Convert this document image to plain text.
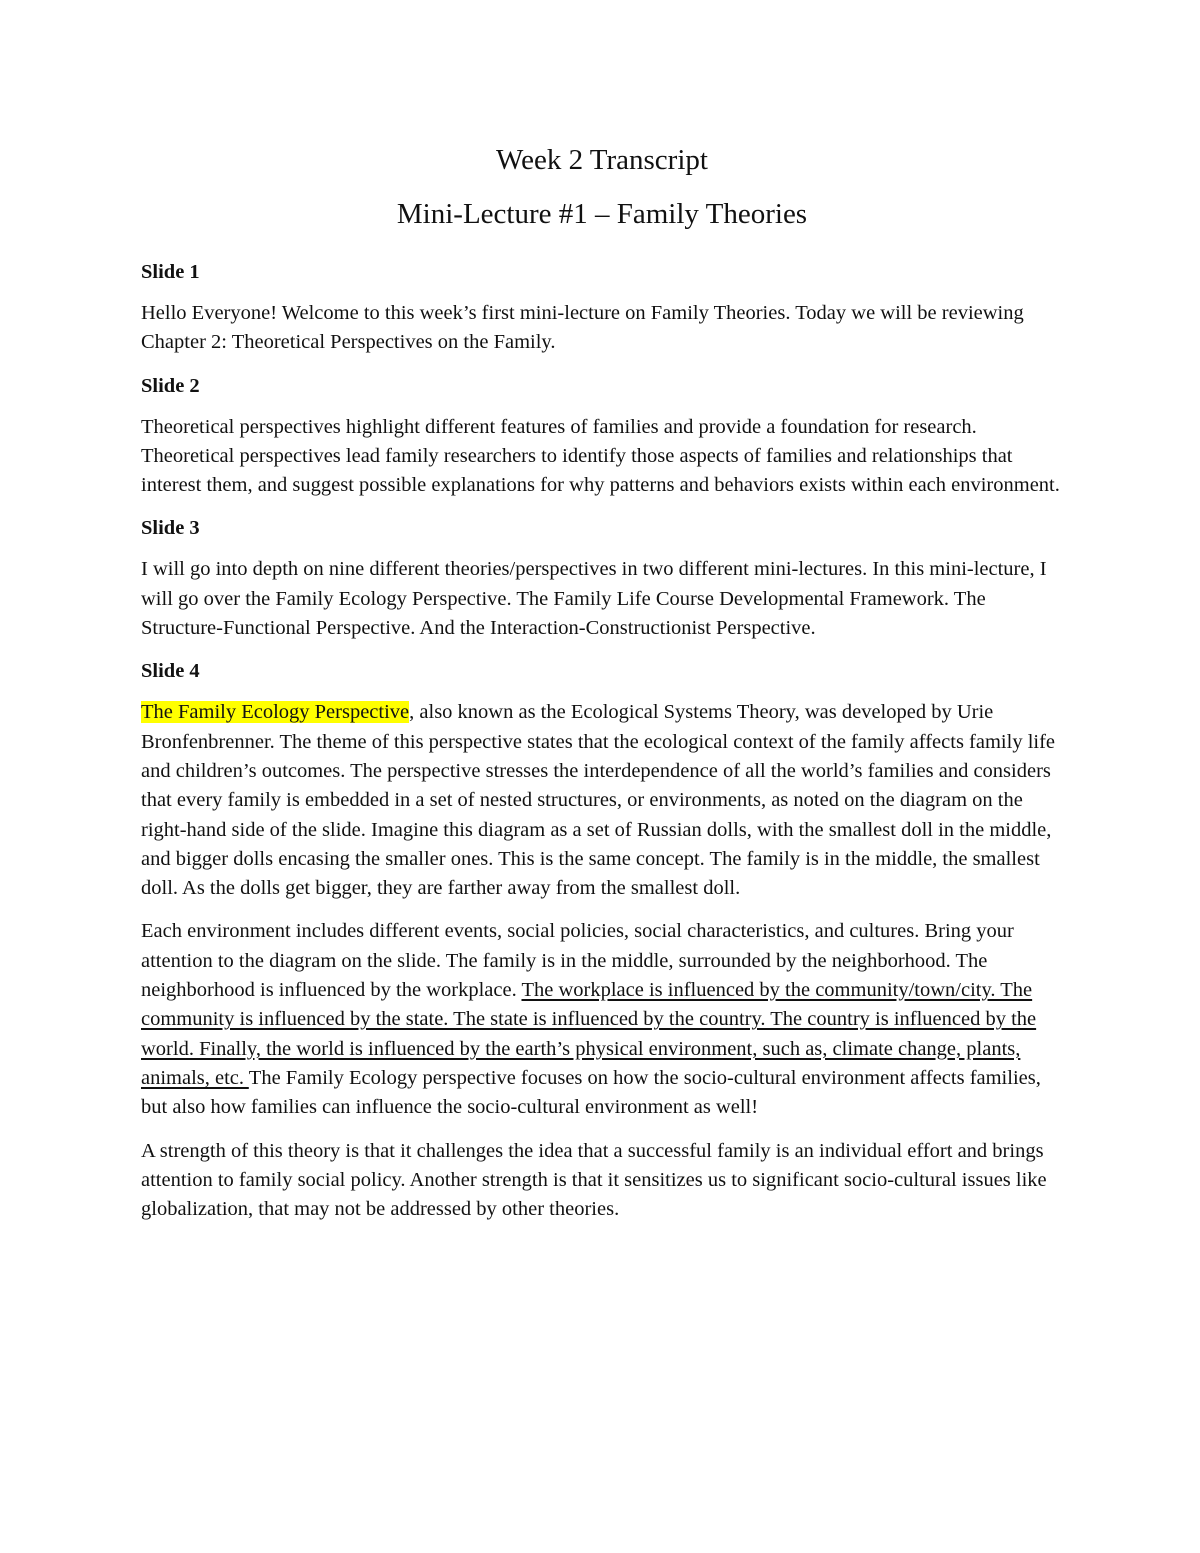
Week 2 Transcript
Mini-Lecture #1 – Family Theories
Slide 1

Hello Everyone! Welcome to this week’s first mini-lecture on Family Theories. Today we will be reviewing Chapter 2: Theoretical Perspectives on the Family.

Slide 2

Theoretical perspectives highlight different features of families and provide a foundation for research. Theoretical perspectives lead family researchers to identify those aspects of families and relationships that interest them, and suggest possible explanations for why patterns and behaviors exists within each environment.

Slide 3

I will go into depth on nine different theories/perspectives in two different mini-lectures. In this mini-lecture, I will go over the Family Ecology Perspective. The Family Life Course Developmental Framework. The Structure-Functional Perspective. And the Interaction-Constructionist Perspective.

Slide 4

The Family Ecology Perspective, also known as the Ecological Systems Theory, was developed by Urie Bronfenbrenner. The theme of this perspective states that the ecological context of the family affects family life and children’s outcomes. The perspective stresses the interdependence of all the world’s families and considers that every family is embedded in a set of nested structures, or environments, as noted on the diagram on the right-hand side of the slide. Imagine this diagram as a set of Russian dolls, with the smallest doll in the middle, and bigger dolls encasing the smaller ones. This is the same concept. The family is in the middle, the smallest doll. As the dolls get bigger, they are farther away from the smallest doll.

Each environment includes different events, social policies, social characteristics, and cultures. Bring your attention to the diagram on the slide. The family is in the middle, surrounded by the neighborhood. The neighborhood is influenced by the workplace. The workplace is influenced by the community/town/city. The community is influenced by the state. The state is influenced by the country. The country is influenced by the world. Finally, the world is influenced by the earth’s physical environment, such as, climate change, plants, animals, etc. The Family Ecology perspective focuses on how the socio-cultural environment affects families, but also how families can influence the socio-cultural environment as well!

A strength of this theory is that it challenges the idea that a successful family is an individual effort and brings attention to family social policy. Another strength is that it sensitizes us to significant socio-cultural issues like globalization, that may not be addressed by other theories.
